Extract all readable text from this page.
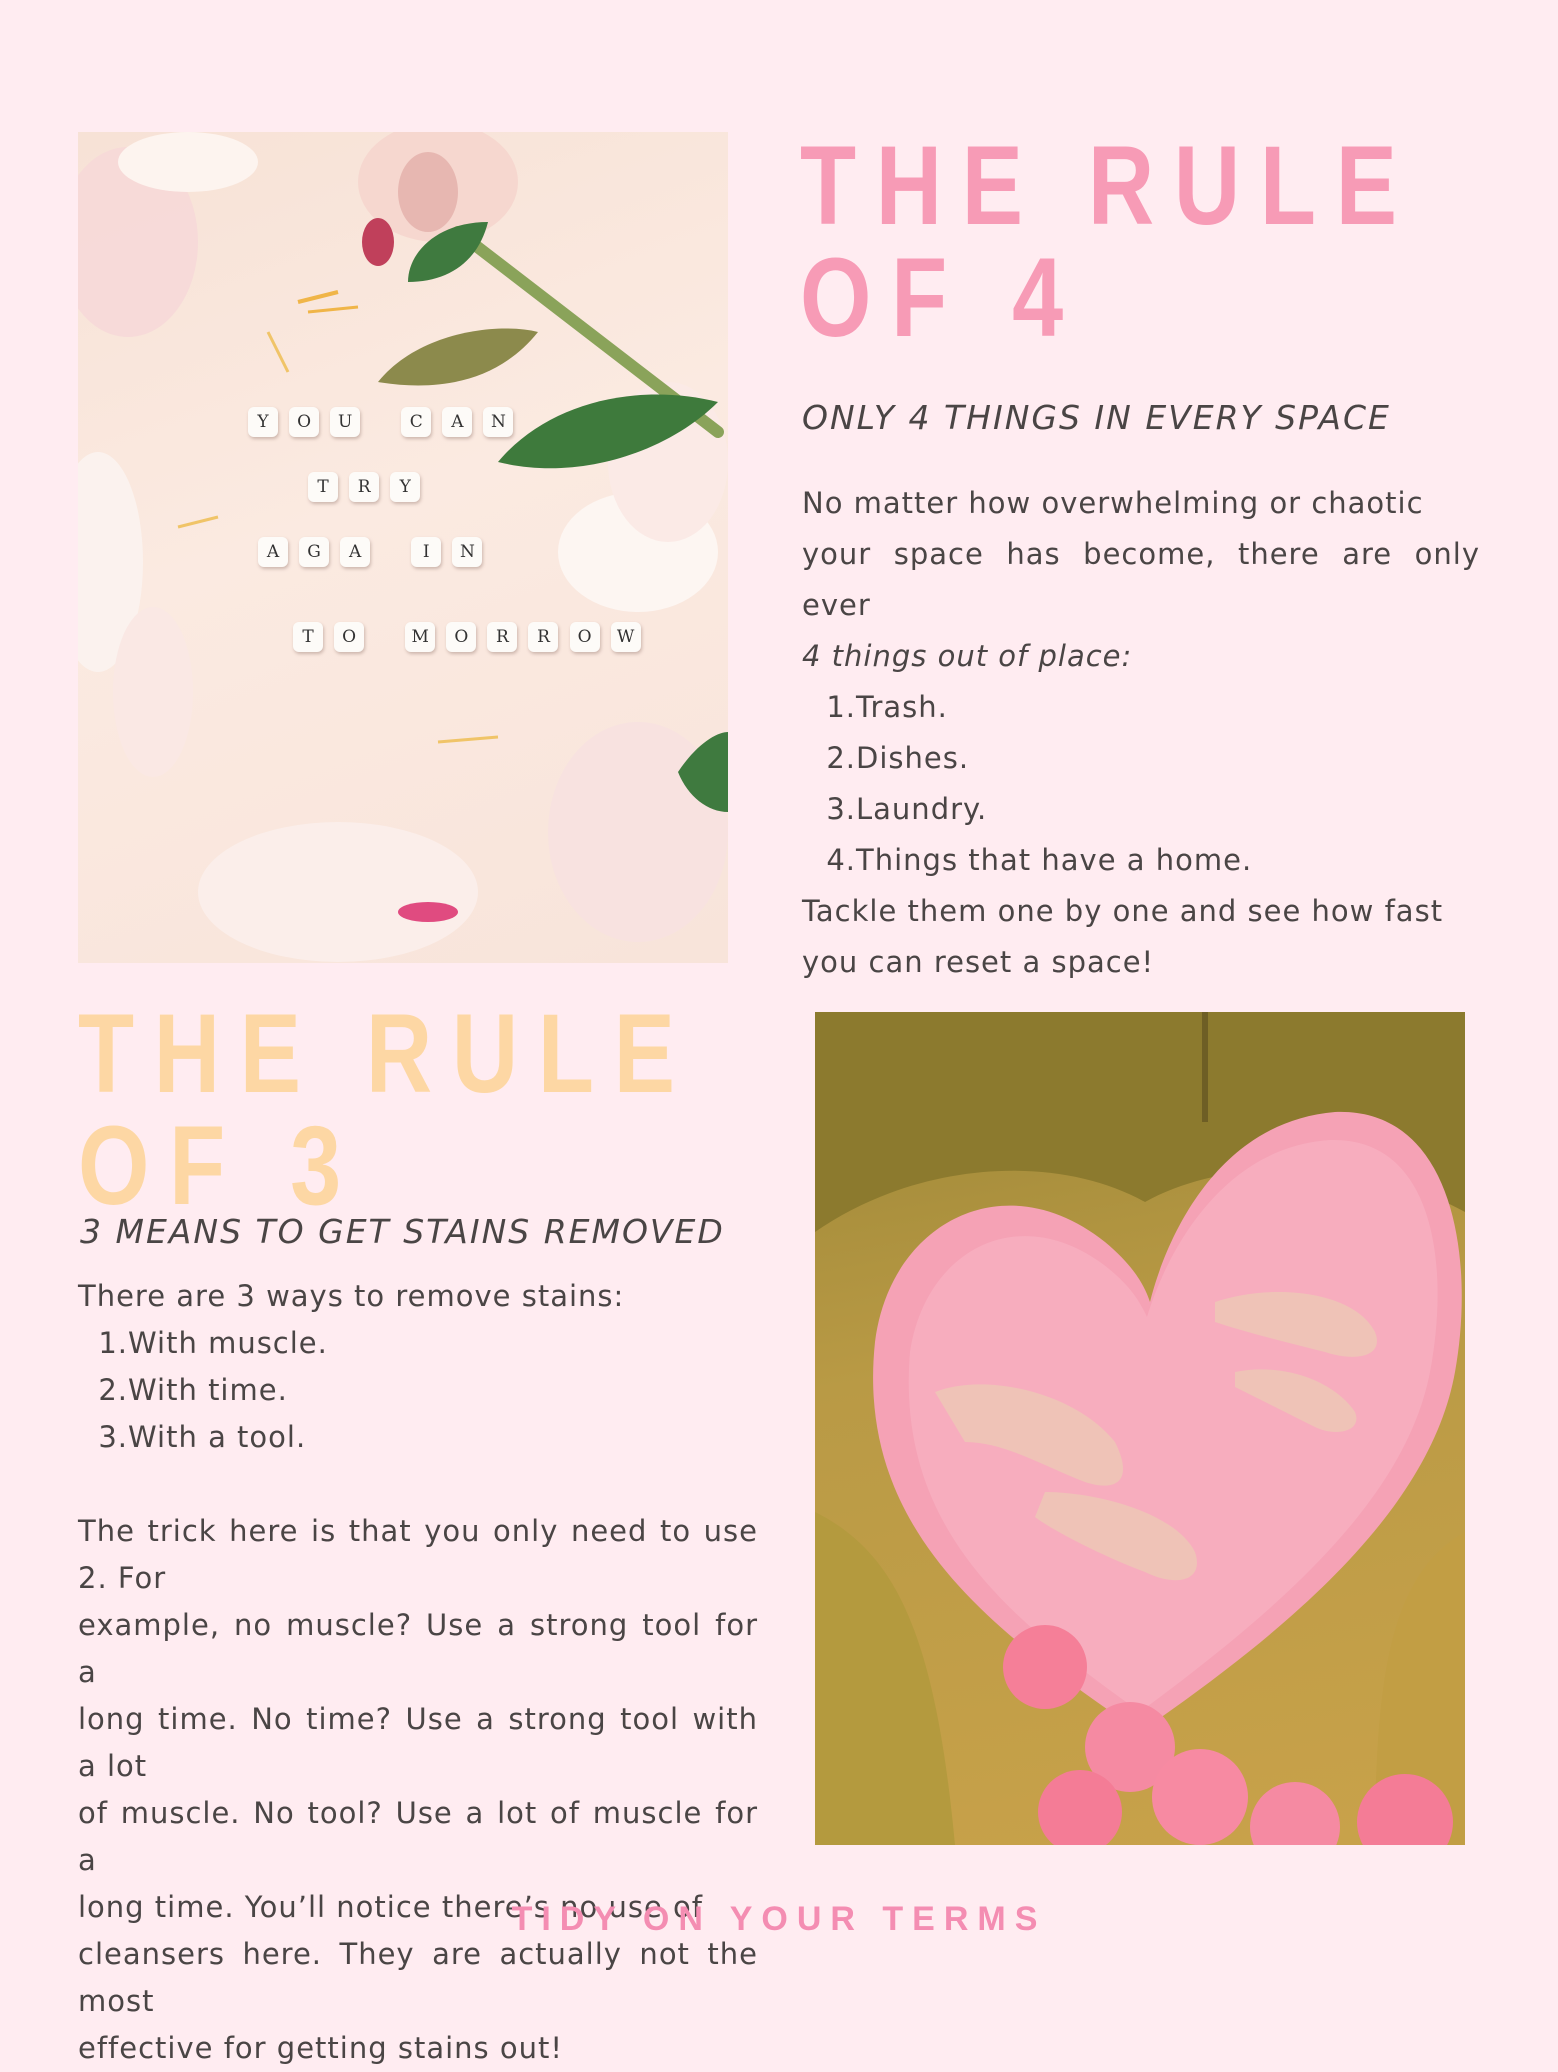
Y O U	C A N
T R Y
A G A	I N
T O	M O R R O W

THE RULE

OF 4

ONLY 4 THINGS IN EVERY SPACE

No matter how overwhelming or chaotic

your space has become, there are only ever

4 things out of place:

1. Trash.
2. Dishes.
3. Laundry.
4. Things that have a home.

Tackle them one by one and see how fast

you can reset a space!

THE RULE

OF 3

3 MEANS TO GET STAINS REMOVED

There are 3 ways to remove stains:

1. With muscle.
2. With time.
3. With a tool.

The trick here is that you only need to use 2. For

example, no muscle? Use a strong tool for a

long time. No time? Use a strong tool with a lot

of muscle. No tool? Use a lot of muscle for a

long time. You’ll notice there’s no use of

cleansers here. They are actually not the most

effective for getting stains out!

TIDY ON YOUR TERMS
